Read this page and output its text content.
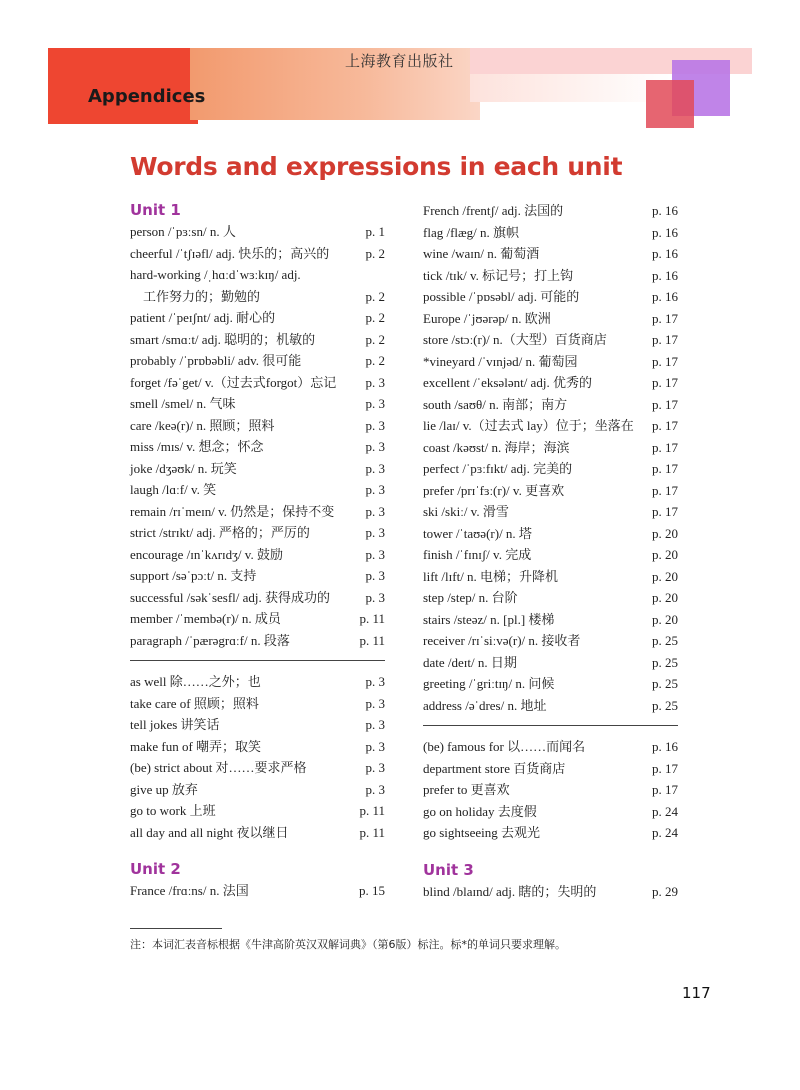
上海教育出版社
Appendices
Words and expressions in each unit
Unit 1
person /ˈpɜːsn/ n. 人	p. 1
cheerful /ˈtʃɪəfl/ adj. 快乐的；高兴的	p. 2
hard-working /ˌhɑːdˈwɜːkɪŋ/ adj.
　工作努力的；勤勉的	p. 2
patient /ˈpeɪʃnt/ adj. 耐心的	p. 2
smart /smɑːt/ adj. 聪明的；机敏的	p. 2
probably /ˈprɒbəbli/ adv. 很可能	p. 2
forget /fəˈget/ v.（过去式forgot）忘记 p. 3
smell /smel/ n. 气味	p. 3
care /keə(r)/ n. 照顾；照料	p. 3
miss /mɪs/ v. 想念；怀念	p. 3
joke /dʒəʊk/ n. 玩笑	p. 3
laugh /lɑːf/ v. 笑	p. 3
remain /rɪˈmeɪn/ v. 仍然是；保持不变 p. 3
strict /strɪkt/ adj. 严格的；严厉的	p. 3
encourage /ɪnˈkʌrɪdʒ/ v. 鼓励	p. 3
support /səˈpɔːt/ n. 支持	p. 3
successful /səkˈsesfl/ adj. 获得成功的	p. 3
member /ˈmembə(r)/ n. 成员	p. 11
paragraph /ˈpærəgrɑːf/ n. 段落	p. 11
as well 除……之外；也	p. 3
take care of 照顾；照料	p. 3
tell jokes 讲笑话	p. 3
make fun of 嘲弄；取笑	p. 3
(be) strict about 对……要求严格	p. 3
give up 放弃	p. 3
go to work 上班	p. 11
all day and all night 夜以继日	p. 11
Unit 2
France /frɑːns/ n. 法国	p. 15
French /frentʃ/ adj. 法国的	p. 16
flag /flæg/ n. 旗帜	p. 16
wine /waɪn/ n. 葡萄酒	p. 16
tick /tɪk/ v. 标记号；打上钩	p. 16
possible /ˈpɒsəbl/ adj. 可能的	p. 16
Europe /ˈjʊərəp/ n. 欧洲	p. 17
store /stɔː(r)/ n.（大型）百货商店	p. 17
*vineyard /ˈvɪnjəd/ n. 葡萄园	p. 17
excellent /ˈeksələnt/ adj. 优秀的	p. 17
south /saʊθ/ n. 南部；南方	p. 17
lie /laɪ/ v.（过去式 lay）位于；坐落在 p. 17
coast /kəʊst/ n. 海岸；海滨	p. 17
perfect /ˈpɜːfɪkt/ adj. 完美的	p. 17
prefer /prɪˈfɜː(r)/ v. 更喜欢	p. 17
ski /skiː/ v. 滑雪	p. 17
tower /ˈtaʊə(r)/ n. 塔	p. 20
finish /ˈfɪnɪʃ/ v. 完成	p. 20
lift /lɪft/ n. 电梯；升降机	p. 20
step /step/ n. 台阶	p. 20
stairs /steəz/ n. [pl.] 楼梯	p. 20
receiver /rɪˈsiːvə(r)/ n. 接收者	p. 25
date /deɪt/ n. 日期	p. 25
greeting /ˈgriːtɪŋ/ n. 问候	p. 25
address /əˈdres/ n. 地址	p. 25
(be) famous for 以……而闻名	p. 16
department store 百货商店	p. 17
prefer to 更喜欢	p. 17
go on holiday 去度假	p. 24
go sightseeing 去观光	p. 24
Unit 3
blind /blaɪnd/ adj. 瞎的；失明的	p. 29
注：本词汇表音标根据《牛津高阶英汉双解词典》（第6版）标注。标*的单词只要求理解。
117
